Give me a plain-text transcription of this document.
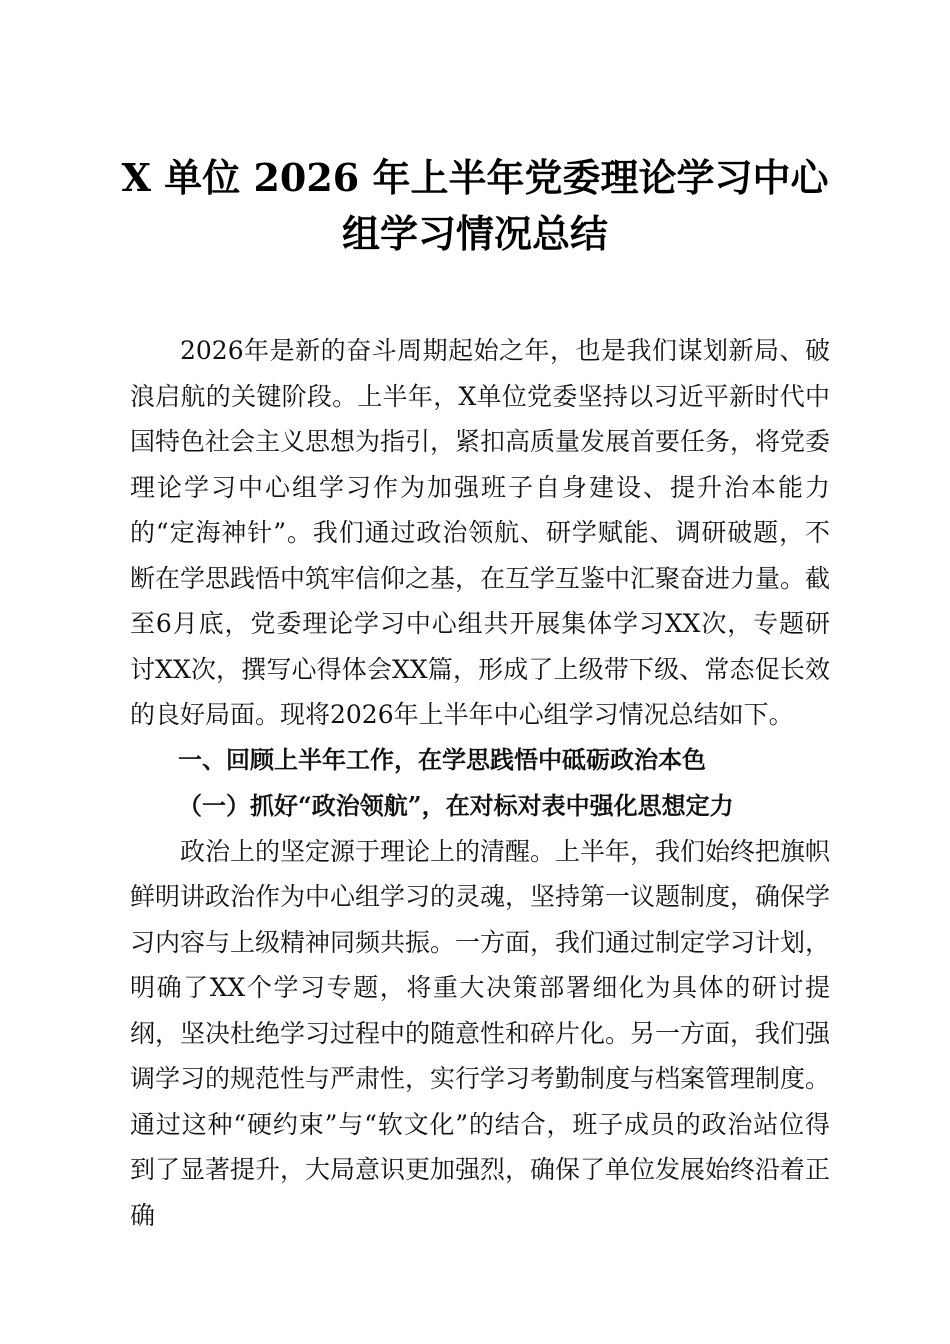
X 单位 2026 年上半年党委理论学习中心组学习情况总结

2026年是新的奋斗周期起始之年，也是我们谋划新局、破浪启航的关键阶段。上半年，X单位党委坚持以习近平新时代中国特色社会主义思想为指引，紧扣高质量发展首要任务，将党委理论学习中心组学习作为加强班子自身建设、提升治本能力的“定海神针”。我们通过政治领航、研学赋能、调研破题，不断在学思践悟中筑牢信仰之基，在互学互鉴中汇聚奋进力量。截至6月底，党委理论学习中心组共开展集体学习XX次，专题研讨XX次，撰写心得体会XX篇，形成了上级带下级、常态促长效的良好局面。现将2026年上半年中心组学习情况总结如下。

一、回顾上半年工作，在学思践悟中砥砺政治本色

（一）抓好“政治领航”，在对标对表中强化思想定力

政治上的坚定源于理论上的清醒。上半年，我们始终把旗帜鲜明讲政治作为中心组学习的灵魂，坚持第一议题制度，确保学习内容与上级精神同频共振。一方面，我们通过制定学习计划，明确了XX个学习专题，将重大决策部署细化为具体的研讨提纲，坚决杜绝学习过程中的随意性和碎片化。另一方面，我们强调学习的规范性与严肃性，实行学习考勤制度与档案管理制度。通过这种“硬约束”与“软文化”的结合，班子成员的政治站位得到了显著提升，大局意识更加强烈，确保了单位发展始终沿着正确
